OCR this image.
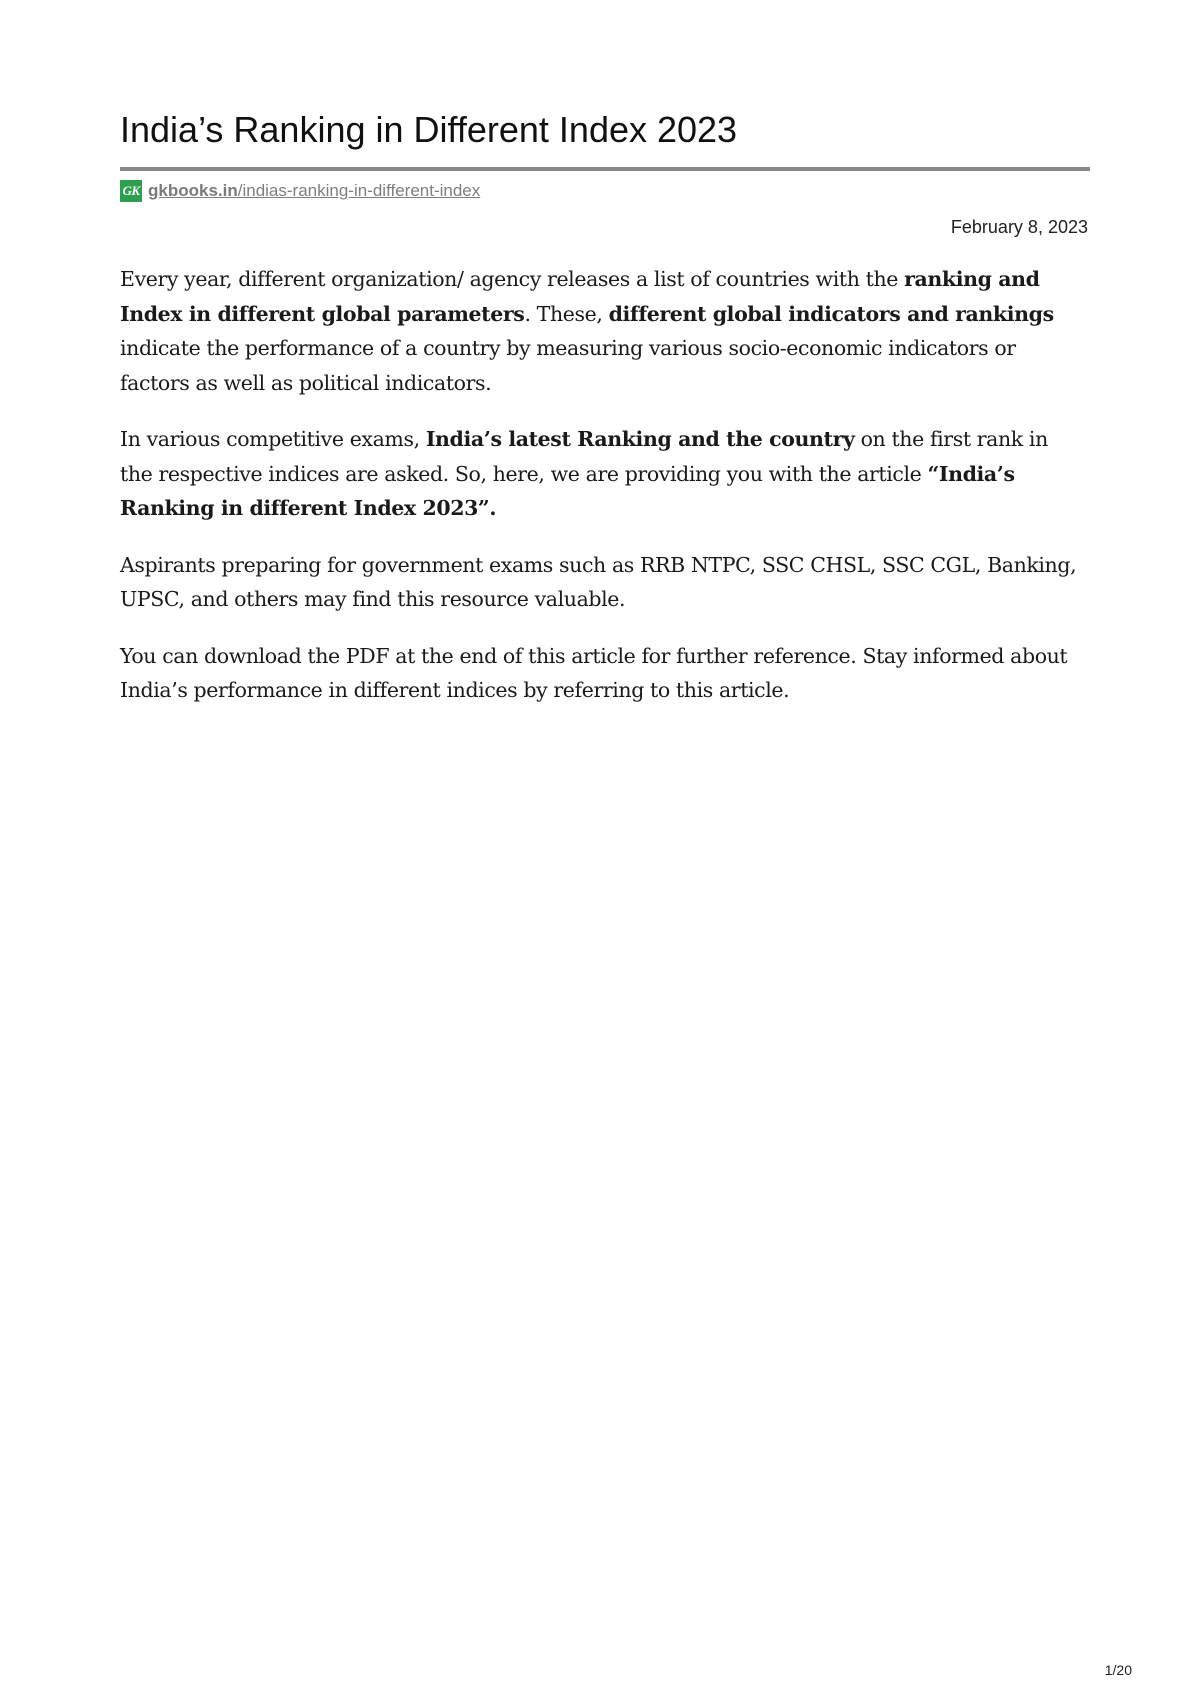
India’s Ranking in Different Index 2023
GK gkbooks.in/indias-ranking-in-different-index
February 8, 2023

Every year, different organization/ agency releases a list of countries with the ranking and Index in different global parameters. These, different global indicators and rankings indicate the performance of a country by measuring various socio-economic indicators or factors as well as political indicators.

In various competitive exams, India’s latest Ranking and the country on the first rank in the respective indices are asked. So, here, we are providing you with the article “India’s Ranking in different Index 2023”.

Aspirants preparing for government exams such as RRB NTPC, SSC CHSL, SSC CGL, Banking, UPSC, and others may find this resource valuable.

You can download the PDF at the end of this article for further reference. Stay informed about India’s performance in different indices by referring to this article.

1/20
